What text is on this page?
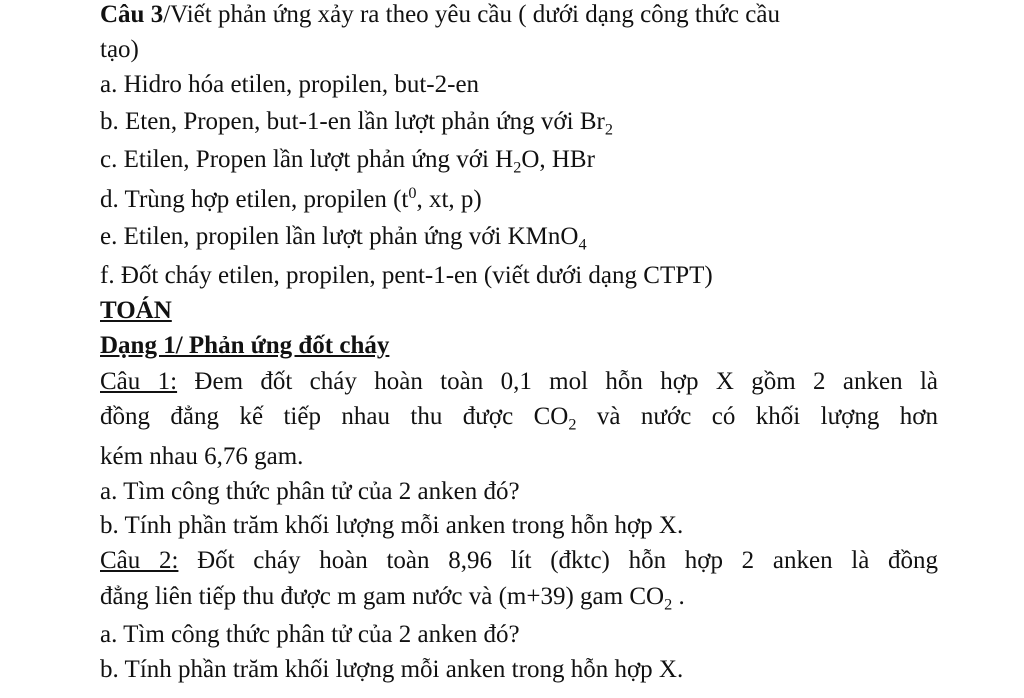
Câu 3/Viết phản ứng xảy ra theo yêu cầu ( dưới dạng công thức cầu
tạo)
a. Hidro hóa etilen, propilen, but-2-en
b. Eten, Propen, but-1-en lần lượt phản ứng với $Br_2$
c. Etilen, Propen lần lượt phản ứng với $H_2O$, HBr
d. Trùng hợp etilen, propilen ($t^0$, xt, p)
e. Etilen, propilen lần lượt phản ứng với KMnO$_4$
f. Đốt cháy etilen, propilen, pent-1-en (viết dưới dạng CTPT)
TOÁN
Dạng 1/ Phản ứng đốt cháy
Câu 1: Đem đốt cháy hoàn toàn 0,1 mol hỗn hợp X gồm 2 anken là
đồng đẳng kế tiếp nhau thu được $CO_2$ và nước có khối lượng hơn
kém nhau 6,76 gam.
a. Tìm công thức phân tử của 2 anken đó?
b. Tính phần trăm khối lượng mỗi anken trong hỗn hợp X.
Câu 2: Đốt cháy hoàn toàn 8,96 lít (đktc) hỗn hợp 2 anken là đồng
đẳng liên tiếp thu được m gam nước và (m+39) gam $CO_2$ .
a. Tìm công thức phân tử của 2 anken đó?
b. Tính phần trăm khối lượng mỗi anken trong hỗn hợp X.
